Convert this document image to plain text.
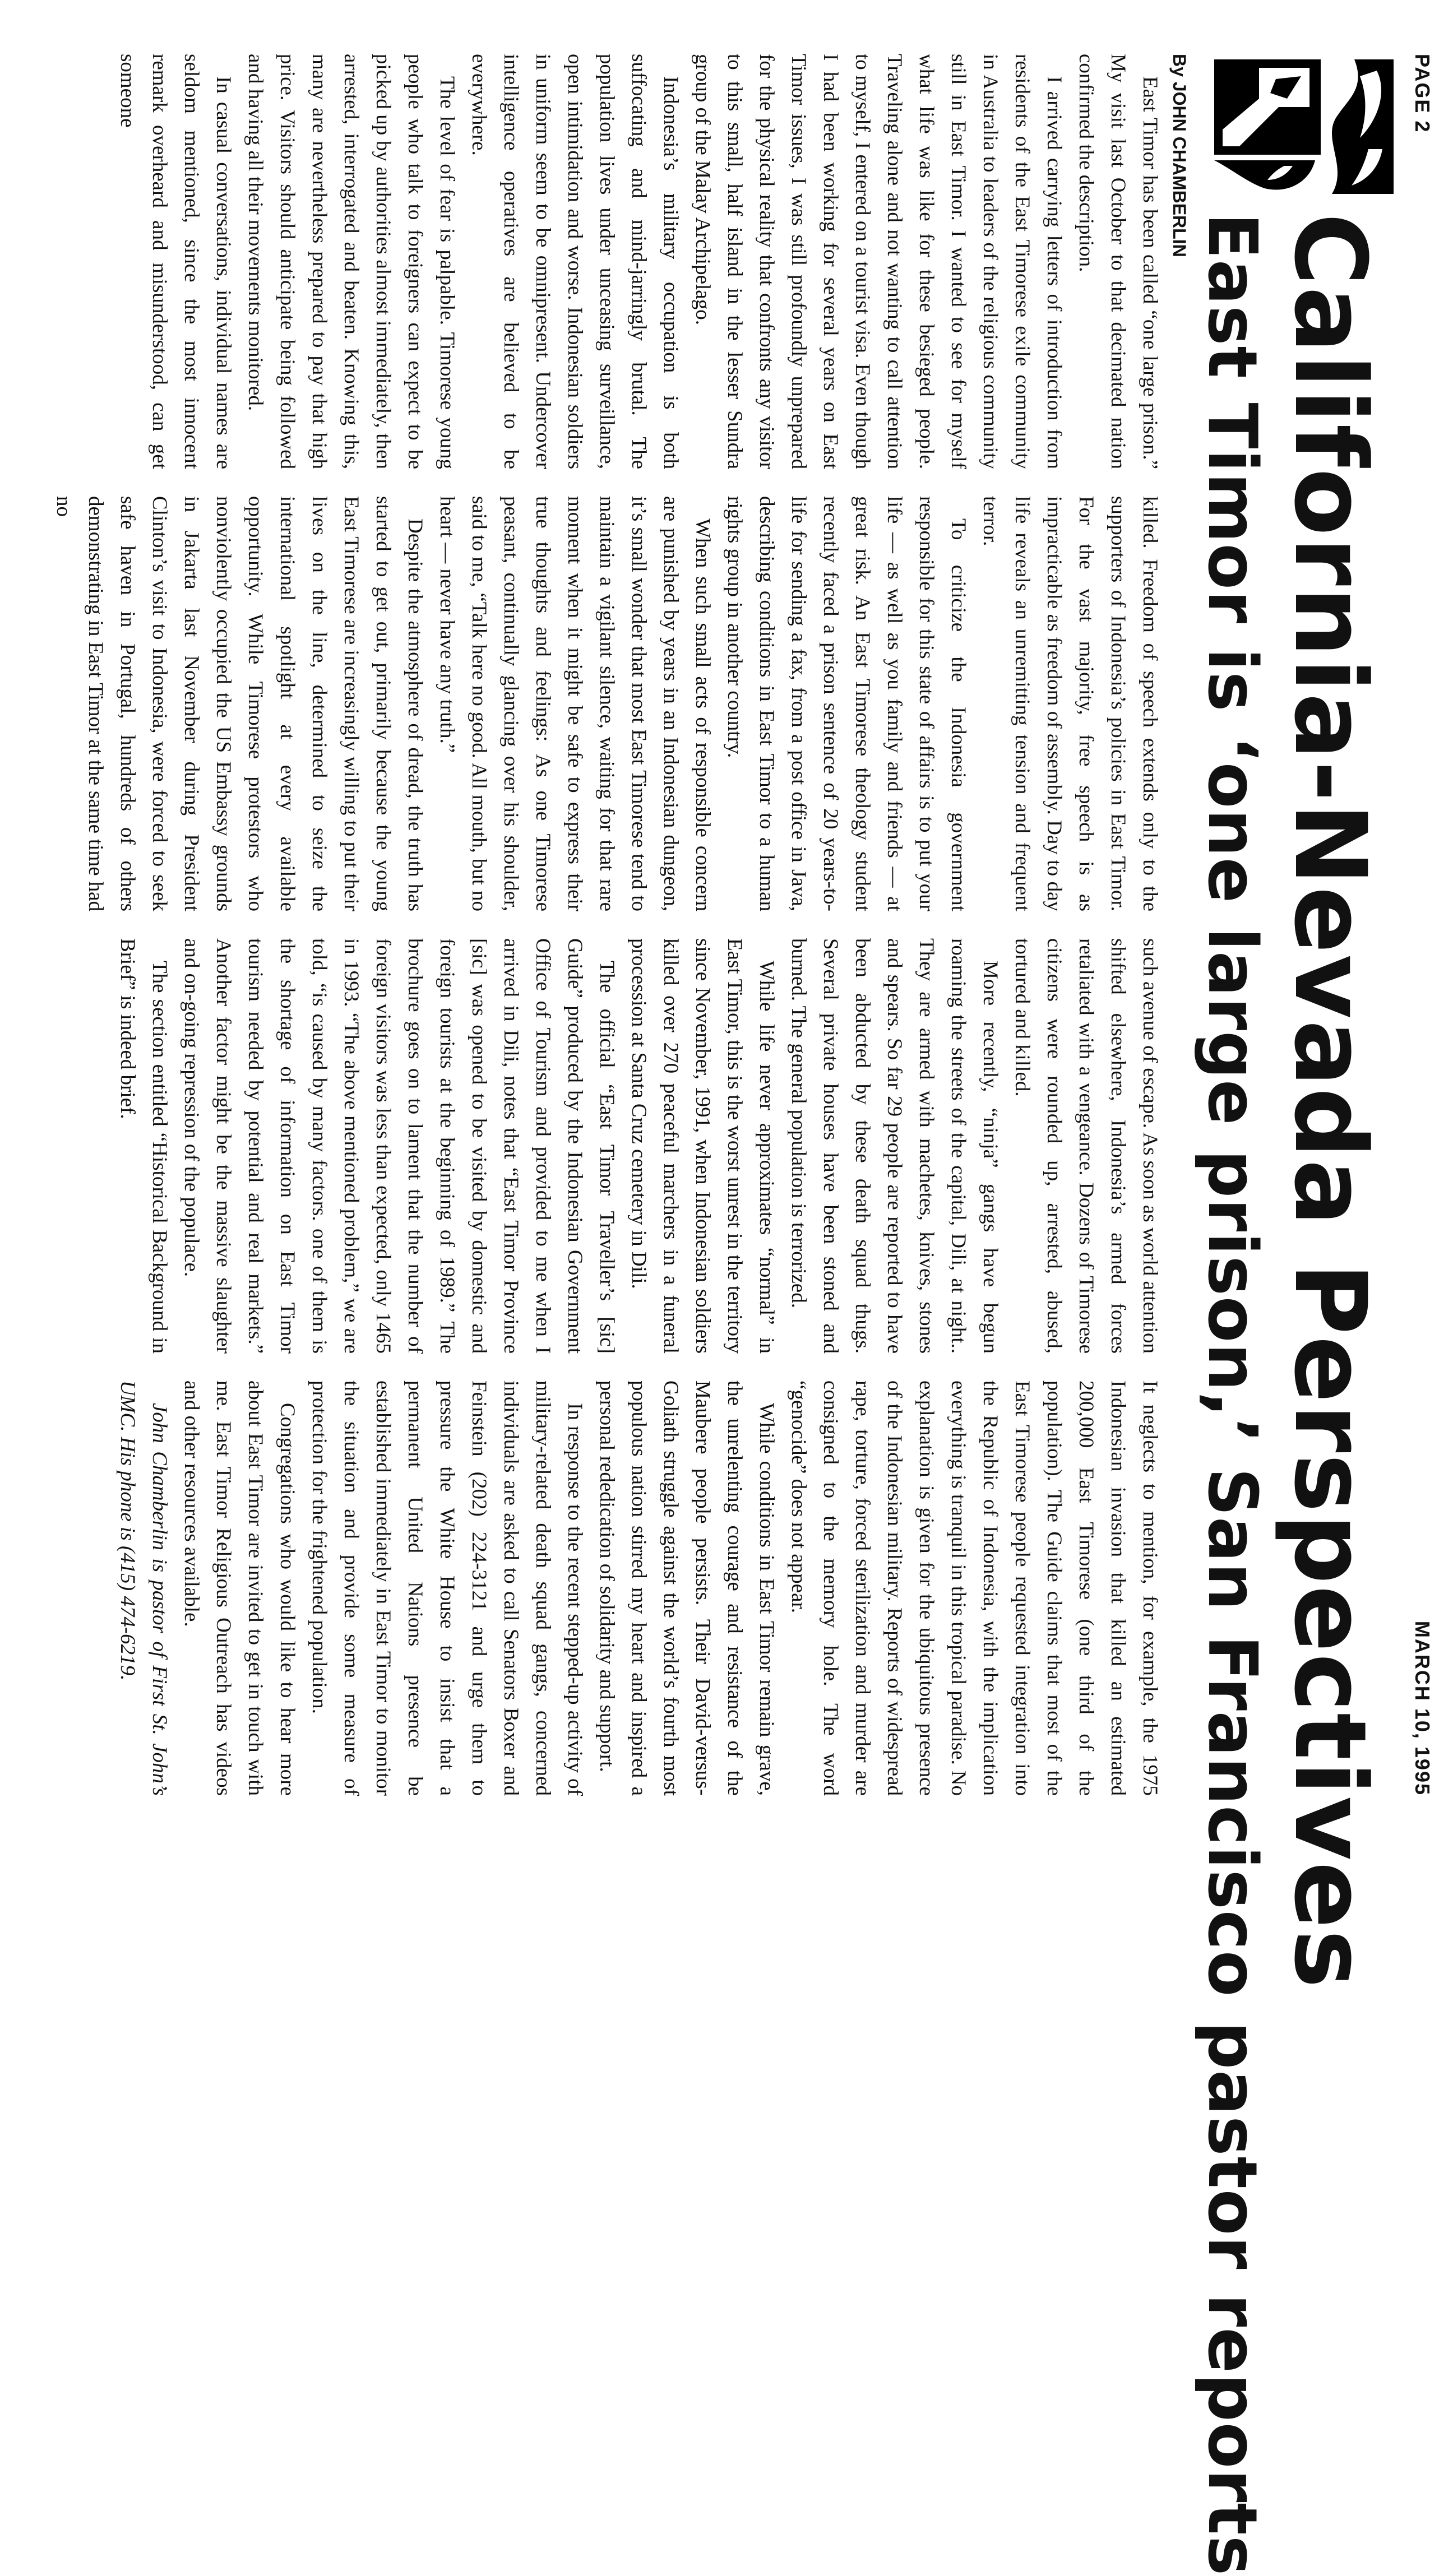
PAGE 2
MARCH 10, 1995
California-Nevada Perspectives
East Timor is ‘one large prison,’ San Francisco pastor reports
By JOHN CHAMBERLIN

East Timor has been called “one large prison.” My visit last October to that decimated nation confirmed the description.

I arrived carrying letters of introduction from residents of the East Timorese exile community in Australia to leaders of the religious community still in East Timor. I wanted to see for myself what life was like for these besieged people. Traveling alone and not wanting to call attention to myself, I entered on a tourist visa. Even though I had been working for several years on East Timor issues, I was still profoundly unprepared for the physical reality that confronts any visitor to this small, half island in the lesser Sundra group of the Malay Archipelago.

Indonesia’s military occupation is both suffocating and mind-jarringly brutal. The population lives under unceasing surveillance, open intimidation and worse. Indonesian soldiers in uniform seem to be omnipresent. Undercover intelligence operatives are believed to be everywhere.

The level of fear is palpable. Timorese young people who talk to foreigners can expect to be picked up by authorities almost immediately, then arrested, interrogated and beaten. Knowing this, many are nevertheless prepared to pay that high price. Visitors should anticipate being followed and having all their movements monitored.

In casual conversations, individual names are seldom mentioned, since the most innocent remark overheard and misunderstood, can get someone

killed. Freedom of speech extends only to the supporters of Indonesia’s policies in East Timor. For the vast majority, free speech is as impracticable as freedom of assembly. Day to day life reveals an unremitting tension and frequent terror.

To criticize the Indonesia government responsible for this state of affairs is to put your life — as well as you family and friends — at great risk. An East Timorese theology student recently faced a prison sentence of 20 years-to-life for sending a fax, from a post office in Java, describing conditions in East Timor to a human rights group in another country.

When such small acts of responsible concern are punished by years in an Indonesian dungeon, it’s small wonder that most East Timorese tend to maintain a vigilant silence, waiting for that rare moment when it might be safe to express their true thoughts and feelings: As one Timorese peasant, continually glancing over his shoulder, said to me, “Talk here no good. All mouth, but no heart — never have any truth.”

Despite the atmosphere of dread, the truth has started to get out, primarily because the young East Timorese are increasingly willing to put their lives on the line, determined to seize the international spotlight at every available opportunity. While Timorese protestors who nonviolently occupied the US Embassy grounds in Jakarta last November during President Clinton’s visit to Indonesia, were forced to seek safe haven in Portugal, hundreds of others demonstrating in East Timor at the same time had no

such avenue of escape. As soon as world attention shifted elsewhere, Indonesia’s armed forces retaliated with a vengeance. Dozens of Timorese citizens were rounded up, arrested, abused, tortured and killed.

More recently, “ninja” gangs have begun roaming the streets of the capital, Dili, at night.. They are armed with machetes, knives, stones and spears. So far 29 people are reported to have been abducted by these death squad thugs. Several private houses have been stoned and burned. The general population is terrorized.

While life never approximates “normal” in East Timor, this is the worst unrest in the territory since November, 1991, when Indonesian soldiers killed over 270 peaceful marchers in a funeral procession at Santa Cruz cemetery in Dili.

The official “East Timor Traveller’s [sic] Guide” produced by the Indonesian Government Office of Tourism and provided to me when I arrived in Dili, notes that “East Timor Province [sic] was opened to be visited by domestic and foreign tourists at the beginning of 1989.” The brochure goes on to lament that the number of foreign visitors was less than expected, only 1465 in 1993. “The above mentioned problem,” we are told, “is caused by many factors. one of them is the shortage of information on East Timor tourism needed by potential and real markets.” Another factor might be the massive slaughter and on-going repression of the populace.

The section entitled “Historical Background in Brief” is indeed brief.

It neglects to mention, for example, the 1975 Indonesian invasion that killed an estimated 200,000 East Timorese (one third of the population). The Guide claims that most of the East Timorese people requested integration into the Republic of Indonesia, with the implication everything is tranquil in this tropical paradise. No explanation is given for the ubiquitous presence of the Indonesian military. Reports of widespread rape, torture, forced sterilization and murder are consigned to the memory hole. The word “genocide” does not appear.

While conditions in East Timor remain grave, the unrelenting courage and resistance of the Maubere people persists. Their David-versus-Goliath struggle against the world’s fourth most populous nation stirred my heart and inspired a personal rededication of solidarity and support.

In response to the recent stepped-up activity of military-related death squad gangs, concerned individuals are asked to call Senators Boxer and Feinstein (202) 224-3121 and urge them to pressure the White House to insist that a permanent United Nations presence be established immediately in East Timor to monitor the situation and provide some measure of protection for the frightened population.

Congregations who would like to hear more about East Timor are invited to get in touch with me. East Timor Religious Outreach has videos and other resources available.

John Chamberlin is pastor of First St. John’s UMC. His phone is (415) 474-6219.
